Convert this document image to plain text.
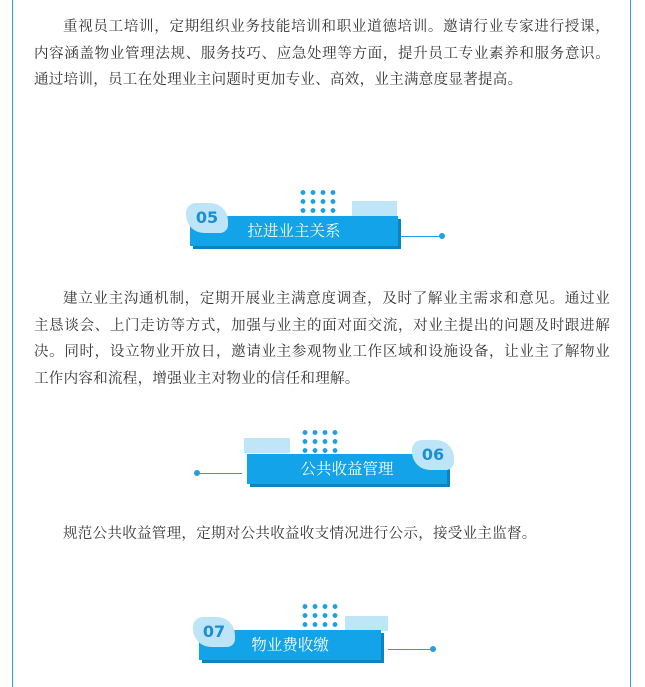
重视员工培训，定期组织业务技能培训和职业道德培训。邀请行业专家进行授课，内容涵盖物业管理法规、服务技巧、应急处理等方面，提升员工专业素养和服务意识。通过培训，员工在处理业主问题时更加专业、高效，业主满意度显著提高。

拉进业主关系
05

建立业主沟通机制，定期开展业主满意度调查，及时了解业主需求和意见。通过业主恳谈会、上门走访等方式，加强与业主的面对面交流，对业主提出的问题及时跟进解决。同时，设立物业开放日，邀请业主参观物业工作区域和设施设备，让业主了解物业工作内容和流程，增强业主对物业的信任和理解。

公共收益管理
06

规范公共收益管理，定期对公共收益收支情况进行公示，接受业主监督。

物业费收缴
07
